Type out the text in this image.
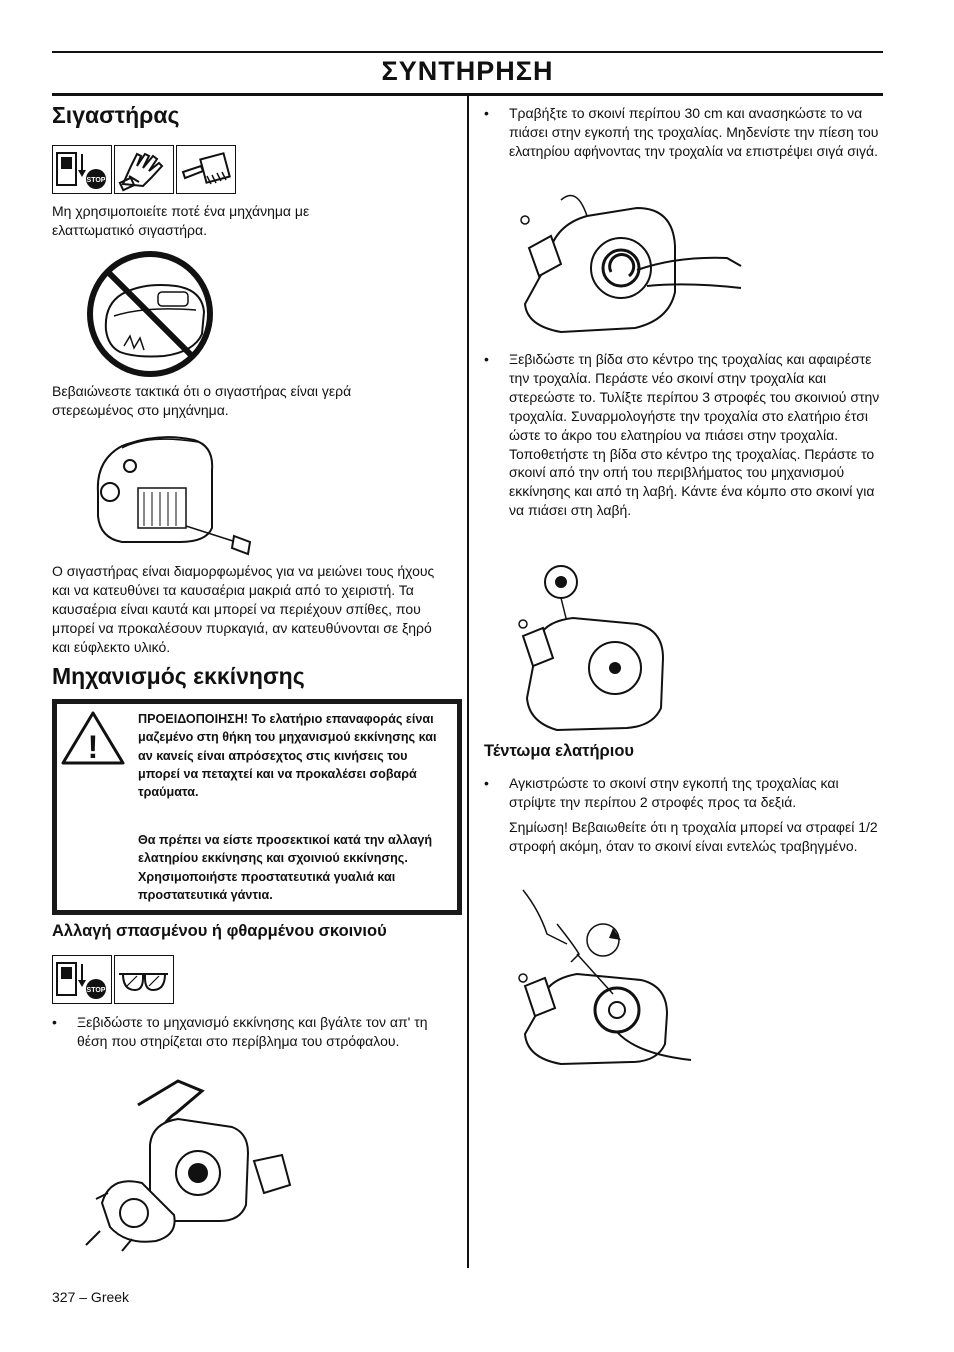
ΣΥΝΤΗΡΗΣΗ
Σιγαστήρας
STOP

Μη χρησιμοποιείτε ποτέ ένα μηχάνημα με ελαττωματικό σιγαστήρα.

Βεβαιώνεστε τακτικά ότι ο σιγαστήρας είναι γερά στερεωμένος στο μηχάνημα.

Ο σιγαστήρας είναι διαμορφωμένος για να μειώνει τους ήχους και να κατευθύνει τα καυσαέρια μακριά από το χειριστή. Τα καυσαέρια είναι καυτά και μπορεί να περιέχουν σπίθες, που μπορεί να προκαλέσουν πυρκαγιά, αν κατευθύνονται σε ξηρό και εύφλεκτο υλικό.

Μηχανισμός εκκίνησης
!

ΠΡΟΕΙΔΟΠΟΙΗΣΗ! Το ελατήριο επαναφοράς είναι μαζεμένο στη θήκη του μηχανισμού εκκίνησης και αν κανείς είναι απρόσεχτος στις κινήσεις του μπορεί να πεταχτεί και να προκαλέσει σοβαρά τραύματα.

Θα πρέπει να είστε προσεκτικοί κατά την αλλαγή ελατηρίου εκκίνησης και σχοινιού εκκίνησης. Χρησιμοποιήστε προστατευτικά γυαλιά και προστατευτικά γάντια.

Αλλαγή σπασμένου ή φθαρμένου σκοινιού
STOP
• Ξεβιδώστε το μηχανισμό εκκίνησης και βγάλτε τον απ' τη θέση που στηρίζεται στο περίβλημα του στρόφαλου.
327 – Greek
• Τραβήξτε το σκοινί περίπου 30 cm και ανασηκώστε το να πιάσει στην εγκοπή της τροχαλίας. Μηδενίστε την πίεση του ελατηρίου αφήνοντας την τροχαλία να επιστρέψει σιγά σιγά.
• Ξεβιδώστε τη βίδα στο κέντρο της τροχαλίας και αφαιρέστε την τροχαλία. Περάστε νέο σκοινί στην τροχαλία και στερεώστε το. Τυλίξτε περίπου 3 στροφές του σκοινιού στην τροχαλία. Συναρμολογήστε την τροχαλία στο ελατήριο έτσι ώστε το άκρο του ελατηρίου να πιάσει στην τροχαλία. Τοποθετήστε τη βίδα στο κέντρο της τροχαλίας. Περάστε το σκοινί από την οπή του περιβλήματος του μηχανισμού εκκίνησης και από τη λαβή. Κάντε ένα κόμπο στο σκοινί για να πιάσει στη λαβή.
Τέντωμα ελατήριου
• Αγκιστρώστε το σκοινί στην εγκοπή της τροχαλίας και στρίψτε την περίπου 2 στροφές προς τα δεξιά.

Σημίωση! Βεβαιωθείτε ότι η τροχαλία μπορεί να στραφεί 1/2 στροφή ακόμη, όταν το σκοινί είναι εντελώς τραβηγμένο.
